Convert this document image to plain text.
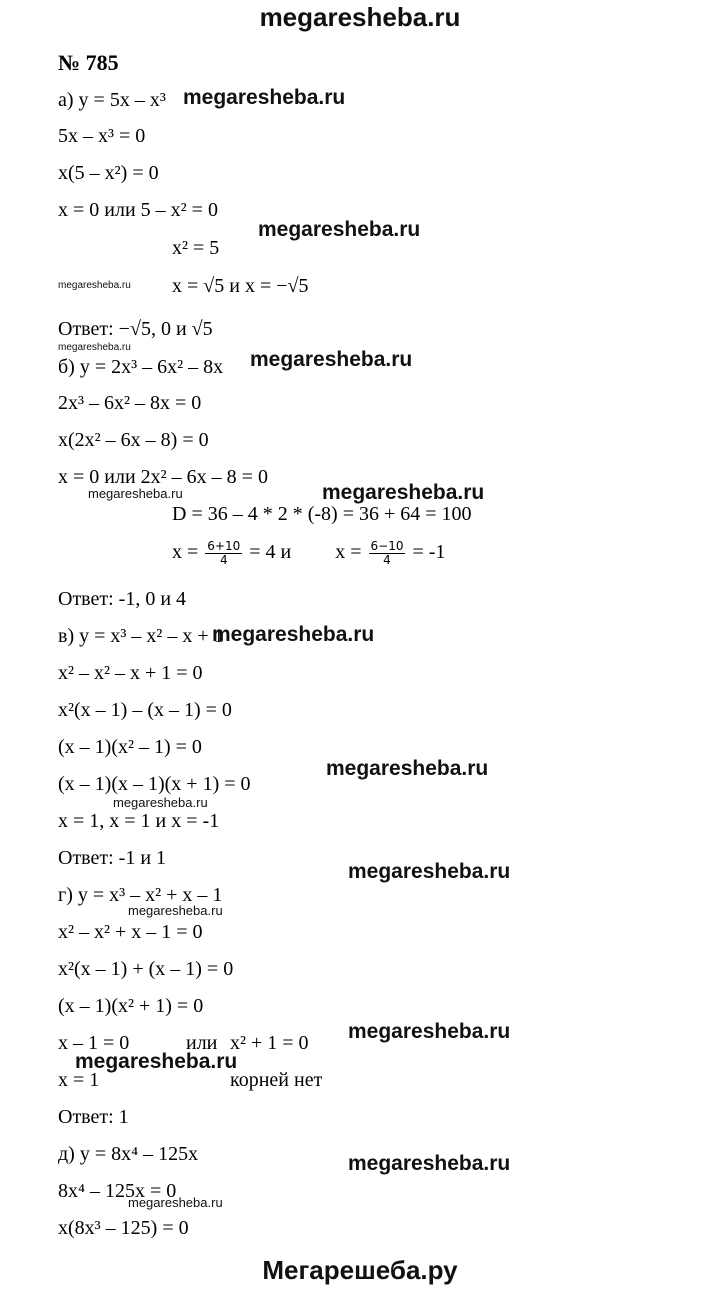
megaresheba.ru
№ 785
а) y = 5x – x³
5x – x³ = 0
x(5 – x²) = 0
x = 0 или 5 – x² = 0
x² = 5
x = √5 и x = −√5
Ответ: −√5, 0 и √5
б) y = 2x³ – 6x² – 8x
2x³ – 6x² – 8x = 0
x(2x² – 6x – 8) = 0
x = 0 или 2x² – 6x – 8 = 0
D = 36 – 4 * 2 * (-8) = 36 + 64 = 100
$x = \frac{6+10}{4} = 4$ и $x = \frac{6-10}{4} = -1$
Ответ: -1, 0 и 4
в) y = x³ – x² – x + 1
x² – x² – x + 1 = 0
x²(x – 1) – (x – 1) = 0
(x – 1)(x² – 1) = 0
(x – 1)(x – 1)(x + 1) = 0
x = 1, x = 1 и x = -1
Ответ: -1 и 1
г) y = x³ – x² + x – 1
x² – x² + x – 1 = 0
x²(x – 1) + (x – 1) = 0
(x – 1)(x² + 1) = 0
x – 1 = 0	или x² + 1 = 0
x = 1	корней нет
Ответ: 1
д) y = 8x⁴ – 125x
8x⁴ – 125x = 0
x(8x³ – 125) = 0
megaresheba.ru
megaresheba.ru
megaresheba.ru
megaresheba.ru
megaresheba.ru
megaresheba.ru
megaresheba.ru
megaresheba.ru
megaresheba.ru
megaresheba.ru
megaresheba.ru
megaresheba.ru
megaresheba.ru
megaresheba.ru
megaresheba.ru
megaresheba.ru
Мегарешеба.ру
